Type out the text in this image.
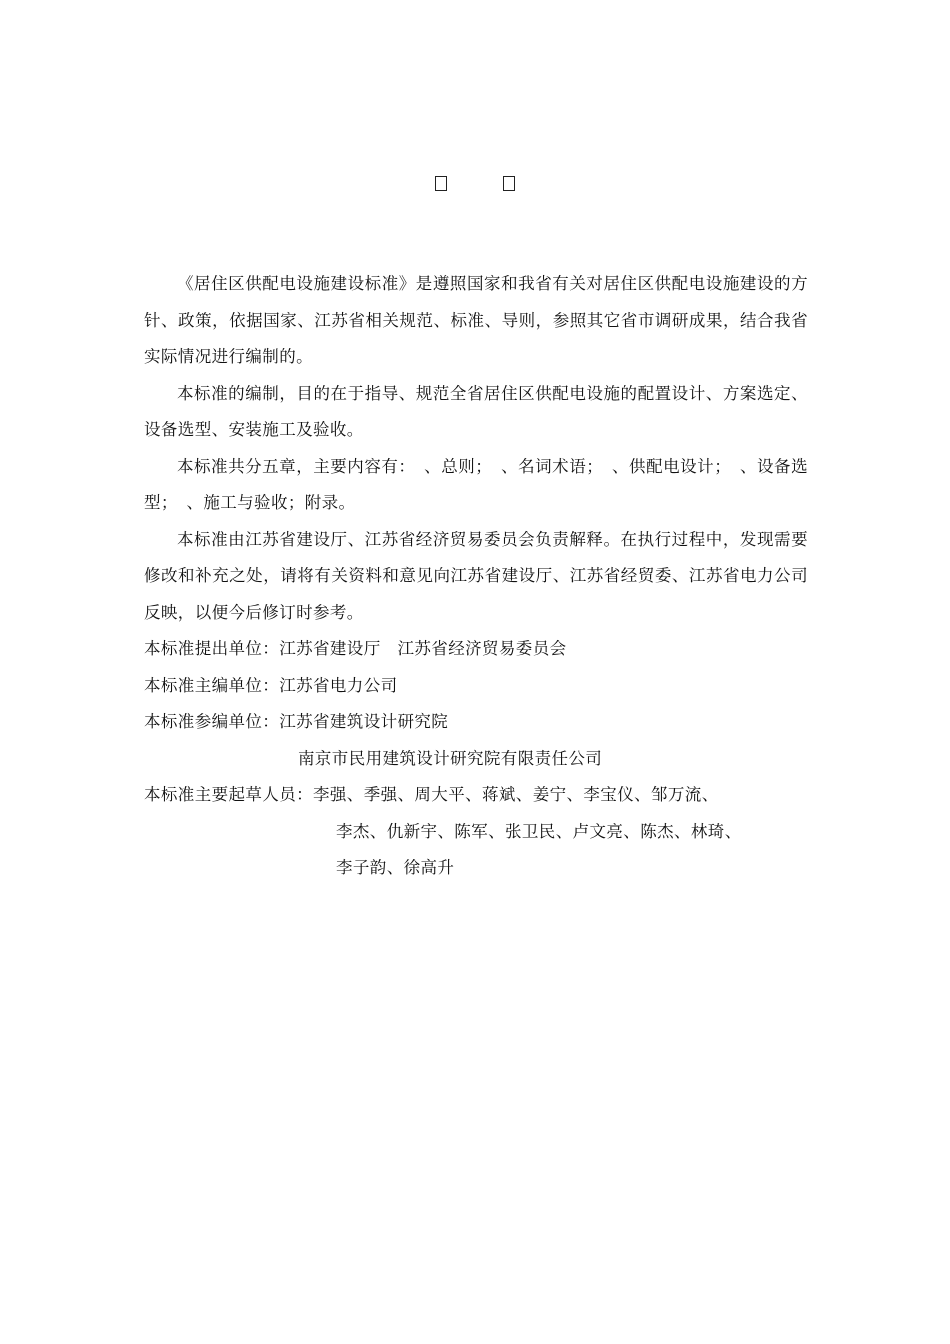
《居住区供配电设施建设标准》是遵照国家和我省有关对居住区供配电设施建设的方针、政策，依据国家、江苏省相关规范、标准、导则，参照其它省市调研成果，结合我省实际情况进行编制的。

本标准的编制，目的在于指导、规范全省居住区供配电设施的配置设计、方案选定、设备选型、安装施工及验收。

本标准共分五章，主要内容有：　、总则；　、名词术语；　、供配电设计；　、设备选型；　、施工与验收；附录。

本标准由江苏省建设厅、江苏省经济贸易委员会负责解释。在执行过程中，发现需要修改和补充之处，请将有关资料和意见向江苏省建设厅、江苏省经贸委、江苏省电力公司反映，以便今后修订时参考。

本标准提出单位：江苏省建设厅　江苏省经济贸易委员会

本标准主编单位：江苏省电力公司

本标准参编单位：江苏省建筑设计研究院

南京市民用建筑设计研究院有限责任公司

本标准主要起草人员：李强、季强、周大平、蒋斌、姜宁、李宝仪、邹万流、

李杰、仇新宇、陈军、张卫民、卢文亮、陈杰、林琦、

李子韵、徐高升
